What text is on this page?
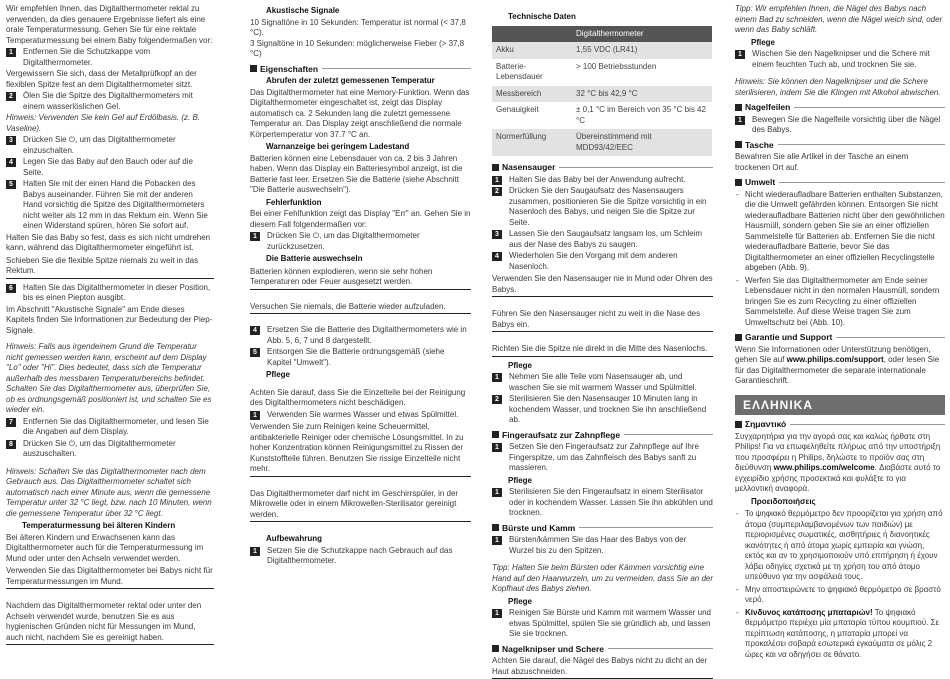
Wir empfehlen Ihnen, das Digitalthermometer rektal zu verwenden, da dies genauere Ergebnisse liefert als eine orale Temperaturmessung. Gehen Sie für eine rektale Temperaturmessung bei einem Baby folgendermaßen vor:

1	Entfernen Sie die Schutzkappe vom Digitalthermometer.

Vergewissern Sie sich, dass der Metallprüfkopf an der flexiblen Spitze fest an dem Digitalthermometer sitzt.

2	Ölen Sie die Spitze des Digitalthermometers mit einem wasserlöslichen Gel.

Hinweis: Verwenden Sie kein Gel auf Erdölbasis. (z. B. Vaseline).

3	Drücken Sie ⏻, um das Digitalthermometer einzuschalten.
4	Legen Sie das Baby auf den Bauch oder auf die Seite.
5	Halten Sie mit der einen Hand die Pobacken des Babys auseinander. Führen Sie mit der anderen Hand vorsichtig die Spitze des Digitalthermometers nicht weiter als 12 mm in das Rektum ein. Wenn Sie einen Widerstand spüren, hören Sie sofort auf.

Halten Sie das Baby so fest, dass es sich nicht umdrehen kann, während das Digitalthermometer eingeführt ist.

Schieben Sie die flexible Spitze niemals zu weit in das Rektum.

6	Halten Sie das Digitalthermometer in dieser Position, bis es einen Piepton ausgibt.

Im Abschnitt "Akustische Signale" am Ende dieses Kapitels finden Sie Informationen zur Bedeutung der Piep-Signale.

Hinweis: Falls aus irgendeinem Grund die Temperatur nicht gemessen werden kann, erscheint auf dem Display "Lo" oder "Hi". Dies bedeutet, dass sich die Temperatur außerhalb des messbaren Temperaturbereichs befindet. Schalten Sie das Digitalthermometer aus, überprüfen Sie, ob es ordnungsgemäß positioniert ist, und schalten Sie es wieder ein.

7	Entfernen Sie das Digitalthermometer, und lesen Sie die Angaben auf dem Display.
8	Drücken Sie ⏻, um das Digitalthermometer auszuschalten.

Hinweis: Schalten Sie das Digitalthermometer nach dem Gebrauch aus. Das Digitalthermometer schaltet sich automatisch nach einer Minute aus, wenn die gemessene Temperatur unter 32 °C liegt, bzw. nach 10 Minuten, wenn die gemessene Temperatur über 32 °C liegt.

Temperaturmessung bei älteren Kindern

Bei älteren Kindern und Erwachsenen kann das Digitalthermometer auch für die Temperaturmessung im Mund oder unter den Achseln verwendet werden.

Verwenden Sie das Digitalthermometer bei Babys nicht für Temperaturmessungen im Mund.

Nachdem das Digitalthermometer rektal oder unter den Achseln verwendet wurde, benutzen Sie es aus hygienischen Gründen nicht für Messungen im Mund, auch nicht, nachdem Sie es gereinigt haben.

Akustische Signale

10 Signaltöne in 10 Sekunden: Temperatur ist normal (< 37,8 °C).

3 Signaltöne in 10 Sekunden: möglicherweise Fieber (> 37,8 °C)

Eigenschaften

Abrufen der zuletzt gemessenen Temperatur

Das Digitalthermometer hat eine Memory-Funktion. Wenn das Digitalthermometer eingeschaltet ist, zeigt das Display automatisch ca. 2 Sekunden lang die zuletzt gemessene Temperatur an. Das Display zeigt anschließend die normale Körpertemperatur von 37.7 °C an.

Warnanzeige bei geringem Ladestand

Batterien können eine Lebensdauer von ca. 2 bis 3 Jahren haben. Wenn das Display ein Batteriesymbol anzeigt, ist die Batterie fast leer. Ersetzen Sie die Batterie (siehe Abschnitt "Die Batterie auswechseln").

Fehlerfunktion

Bei einer Fehlfunktion zeigt das Display "Err" an. Gehen Sie in diesem Fall folgendermaßen vor:

1	Drücken Sie ⏻, um das Digitalthermometer zurückzusetzen.

Die Batterie auswechseln

Batterien können explodieren, wenn sie sehr hohen Temperaturen oder Feuer ausgesetzt werden.

Versuchen Sie niemals, die Batterie wieder aufzuladen.

4	Ersetzen Sie die Batterie des Digitalthermometers wie in Abb. 5, 6, 7 und 8 dargestellt.
5	Entsorgen Sie die Batterie ordnungsgemäß (siehe Kapitel "Umwelt").

Pflege

Achten Sie darauf, dass Sie die Einzelteile bei der Reinigung des Digitalthermometers nicht beschädigen.

1	Verwenden Sie warmes Wasser und etwas Spülmittel.

Verwenden Sie zum Reinigen keine Scheuermittel, antibakterielle Reiniger oder chemische Lösungsmittel. In zu hoher Konzentration können Reinigungsmittel zu Rissen der Kunststoffteile führen. Benutzen Sie rissige Einzelteile nicht mehr.

Das Digitalthermometer darf nicht im Geschirrspüler, in der Mikrowelle oder in einem Mikrowellen-Sterilisator gereinigt werden.

Aufbewahrung

1	Setzen Sie die Schutzkappe nach Gebrauch auf das Digitalthermometer.

Technische Daten

	Digitalthermometer
Akku	1,55 VDC (LR41)
Batterie-Lebensdauer	> 100 Betriebsstunden
Messbereich	32 °C bis 42,9 °C
Genauigkeit	± 0,1 °C im Bereich von 35 °C bis 42 °C
Normerfüllung	Übereinstimmend mit MDD93/42/EEC
Nasensauger
1	Halten Sie das Baby bei der Anwendung aufrecht.
2	Drücken Sie den Saugaufsatz des Nasensaugers zusammen, positionieren Sie die Spitze vorsichtig in ein Nasenloch des Babys, und neigen Sie die Spitze zur Seite.
3	Lassen Sie den Saugaufsatz langsam los, um Schleim aus der Nase des Babys zu saugen.
4	Wiederholen Sie den Vorgang mit dem anderen Nasenloch.

Verwenden Sie den Nasensauger nie in Mund oder Ohren des Babys.

Führen Sie den Nasensauger nicht zu weit in die Nase des Babys ein.

Richten Sie die Spitze nie direkt in die Mitte des Nasenlochs.

Pflege

1	Nehmen Sie alle Teile vom Nasensauger ab, und waschen Sie sie mit warmem Wasser und Spülmittel.
2	Sterilisieren Sie den Nasensauger 10 Minuten lang in kochendem Wasser, und trocknen Sie ihn anschließend ab.
Fingeraufsatz zur Zahnpflege
1	Setzen Sie den Fingeraufsatz zur Zahnpflege auf Ihre Fingerspitze, um das Zahnfleisch des Babys sanft zu massieren.

Pflege

1	Sterilisieren Sie den Fingeraufsatz in einem Sterilisator oder in kochendem Wasser. Lassen Sie ihn abkühlen und trocknen.
Bürste und Kamm
1	Bürsten/kämmen Sie das Haar des Babys von der Wurzel bis zu den Spitzen.

Tipp: Halten Sie beim Bürsten oder Kämmen vorsichtig eine Hand auf den Haarwurzeln, um zu vermeiden, dass Sie an der Kopfhaut des Babys ziehen.

Pflege

1	Reinigen Sie Bürste und Kamm mit warmem Wasser und etwas Spülmittel, spülen Sie sie gründlich ab, und lassen Sie sie trocknen.
Nagelknipser und Schere

Achten Sie darauf, die Nägel des Babys nicht zu dicht an der Haut abzuschneiden.

Tipp: Wir empfehlen Ihnen, die Nägel des Babys nach einem Bad zu schneiden, wenn die Nägel weich sind, oder wenn das Baby schläft.

Pflege

1	Wischen Sie den Nagelknipser und die Schere mit einem feuchten Tuch ab, und trocknen Sie sie.

Hinweis: Sie können den Nagelknipser und die Schere sterilisieren, indem Sie die Klingen mit Alkohol abwischen.

Nagelfeilen
1	Bewegen Sie die Nagelfeile vorsichtig über die Nägel des Babys.
Tasche

Bewahren Sie alle Artikel in der Tasche an einem trockenen Ort auf.

Umwelt

- Nicht wiederaufladbare Batterien enthalten Substanzen, die die Umwelt gefährden können. Entsorgen Sie nicht wiederaufladbare Batterien nicht über den gewöhnlichen Hausmüll, sondern geben Sie sie an einer offiziellen Sammelstelle für Batterien ab. Entfernen Sie die nicht wiederaufladbare Batterie, bevor Sie das Digitalthermometer an einer offiziellen Recyclingstelle abgeben (Abb. 9).

- Werfen Sie das Digitalthermometer am Ende seiner Lebensdauer nicht in den normalen Hausmüll, sondern bringen Sie es zum Recycling zu einer offiziellen Sammelstelle. Auf diese Weise tragen Sie zum Umweltschutz bei (Abb. 10).

Garantie und Support

Wenn Sie Informationen oder Unterstützung benötigen, gehen Sie auf www.philips.com/support, oder lesen Sie für das Digitalthermometer die separate internationale Garantieschrift.

ΕΛΛΗΝΙΚΑ
Σημαντικό

Συγχαρητήρια για την αγορά σας και καλώς ήρθατε στη Philips! Για να επωφεληθείτε πλήρως από την υποστήριξη που προσφέρει η Philips, δηλώστε το προϊόν σας στη διεύθυνση www.philips.com/welcome. Διαβάστε αυτό το εγχειρίδιο χρήσης προσεκτικά και φυλάξτε το για μελλοντική αναφορά.

Προειδοποιήσεις

- Το ψηφιακό θερμόμετρο δεν προορίζεται για χρήση από άτομα (συμπεριλαμβανομένων των παιδιών) με περιορισμένες σωματικές, αισθητήριες ή διανοητικές ικανότητες ή από άτομα χωρίς εμπειρία και γνώση, εκτός και αν το χρησιμοποιούν υπό επιτήρηση ή έχουν λάβει οδηγίες σχετικά με τη χρήση του από άτομο υπεύθυνο για την ασφάλειά τους.

- Μην αποστειρώνετε το ψηφιακό θερμόμετρο σε βραστό νερό.

- Κίνδυνος κατάποσης μπαταριών! Το ψηφιακό θερμόμετρο περιέχει μία μπαταρία τύπου κουμπιού. Σε περίπτωση κατάποσης, η μπαταρία μπορεί να προκαλέσει σοβαρά εσωτερικά εγκαύματα σε μόλις 2 ώρες και να οδηγήσει σε θάνατο.
